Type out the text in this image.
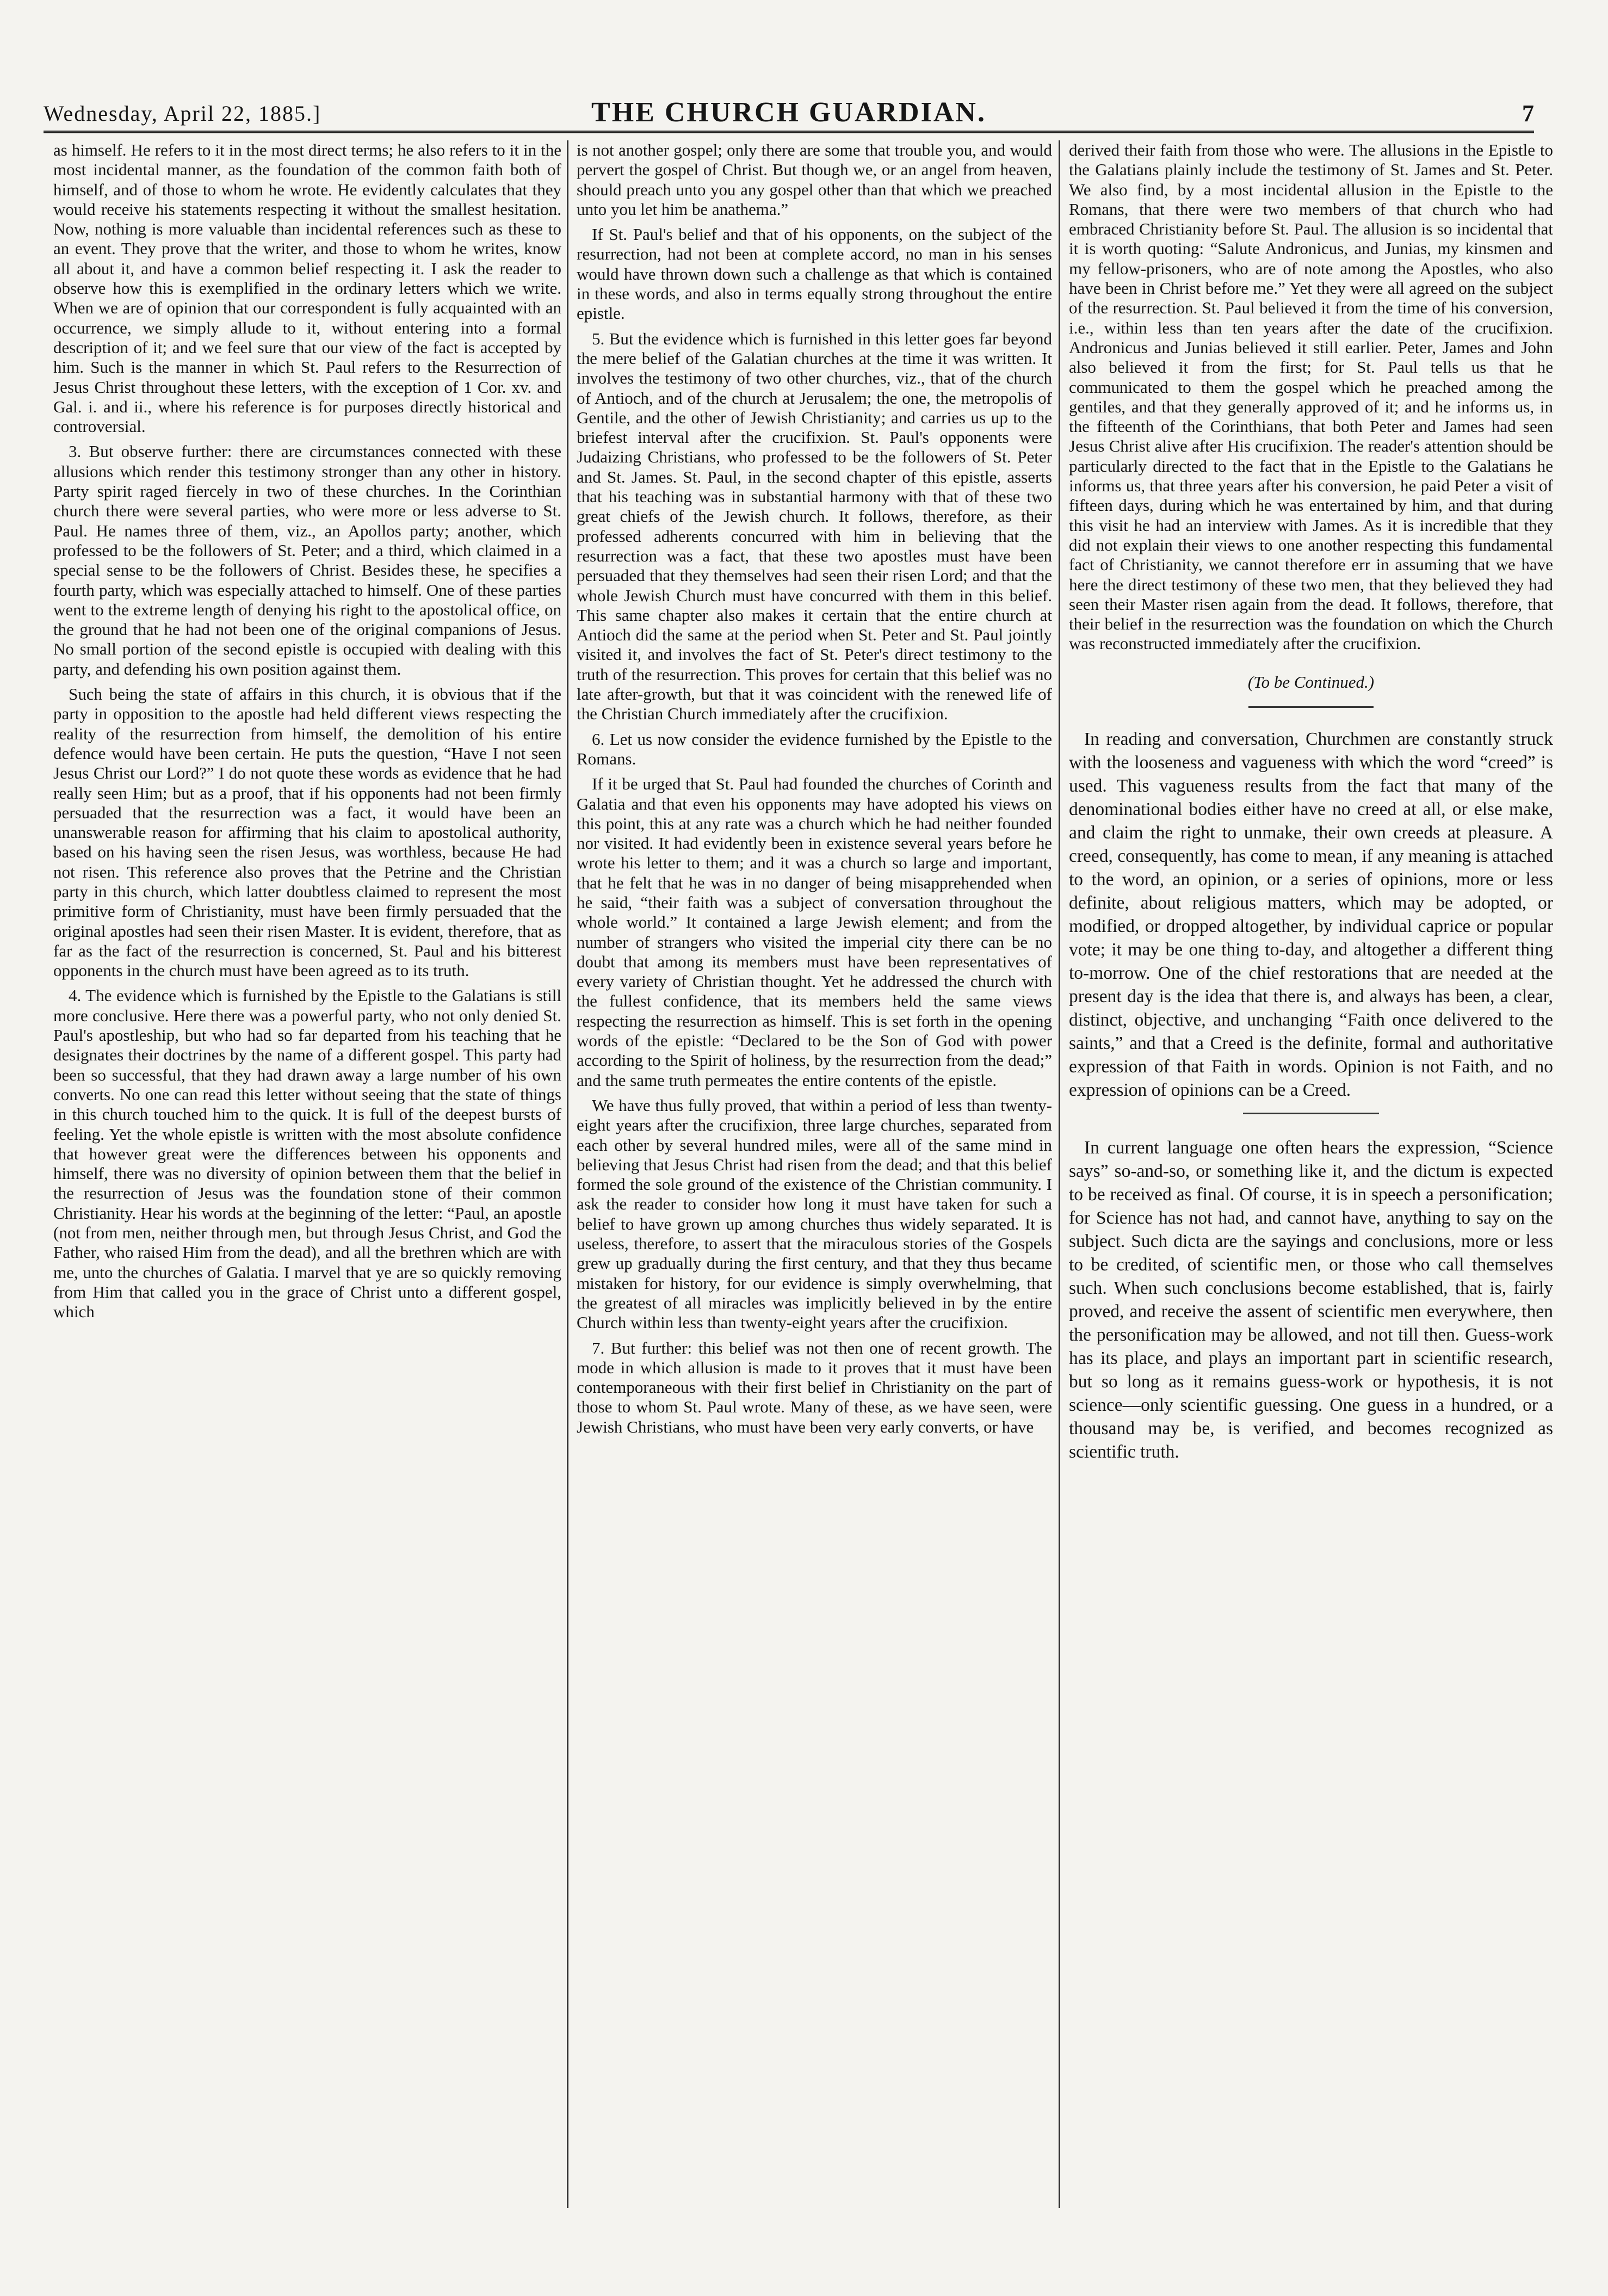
Wednesday, April 22, 1885.]	THE CHURCH GUARDIAN.	7

as himself. He refers to it in the most direct terms; he also refers to it in the most incidental manner, as the foundation of the common faith both of himself, and of those to whom he wrote. He evidently calculates that they would receive his statements respecting it without the smallest hesitation. Now, nothing is more valuable than incidental references such as these to an event. They prove that the writer, and those to whom he writes, know all about it, and have a common belief respecting it. I ask the reader to observe how this is exemplified in the ordinary letters which we write. When we are of opinion that our correspondent is fully acquainted with an occurrence, we simply allude to it, without entering into a formal description of it; and we feel sure that our view of the fact is accepted by him. Such is the manner in which St. Paul refers to the Resurrection of Jesus Christ throughout these letters, with the exception of 1 Cor. xv. and Gal. i. and ii., where his reference is for purposes directly historical and controversial.

3. But observe further: there are circumstances connected with these allusions which render this testimony stronger than any other in history. Party spirit raged fiercely in two of these churches. In the Corinthian church there were several parties, who were more or less adverse to St. Paul. He names three of them, viz., an Apollos party; another, which professed to be the followers of St. Peter; and a third, which claimed in a special sense to be the followers of Christ. Besides these, he specifies a fourth party, which was especially attached to himself. One of these parties went to the extreme length of denying his right to the apostolical office, on the ground that he had not been one of the original companions of Jesus. No small portion of the second epistle is occupied with dealing with this party, and defending his own position against them.

Such being the state of affairs in this church, it is obvious that if the party in opposition to the apostle had held different views respecting the reality of the resurrection from himself, the demolition of his entire defence would have been certain. He puts the question, “Have I not seen Jesus Christ our Lord?” I do not quote these words as evidence that he had really seen Him; but as a proof, that if his opponents had not been firmly persuaded that the resurrection was a fact, it would have been an unanswerable reason for affirming that his claim to apostolical authority, based on his having seen the risen Jesus, was worthless, because He had not risen. This reference also proves that the Petrine and the Christian party in this church, which latter doubtless claimed to represent the most primitive form of Christianity, must have been firmly persuaded that the original apostles had seen their risen Master. It is evident, therefore, that as far as the fact of the resurrection is concerned, St. Paul and his bitterest opponents in the church must have been agreed as to its truth.

4. The evidence which is furnished by the Epistle to the Galatians is still more conclusive. Here there was a powerful party, who not only denied St. Paul's apostleship, but who had so far departed from his teaching that he designates their doctrines by the name of a different gospel. This party had been so successful, that they had drawn away a large number of his own converts. No one can read this letter without seeing that the state of things in this church touched him to the quick. It is full of the deepest bursts of feeling. Yet the whole epistle is written with the most absolute confidence that however great were the differences between his opponents and himself, there was no diversity of opinion between them that the belief in the resurrection of Jesus was the foundation stone of their common Christianity. Hear his words at the beginning of the letter: “Paul, an apostle (not from men, neither through men, but through Jesus Christ, and God the Father, who raised Him from the dead), and all the brethren which are with me, unto the churches of Galatia. I marvel that ye are so quickly removing from Him that called you in the grace of Christ unto a different gospel, which

is not another gospel; only there are some that trouble you, and would pervert the gospel of Christ. But though we, or an angel from heaven, should preach unto you any gospel other than that which we preached unto you let him be anathema.”

If St. Paul's belief and that of his opponents, on the subject of the resurrection, had not been at complete accord, no man in his senses would have thrown down such a challenge as that which is contained in these words, and also in terms equally strong throughout the entire epistle.

5. But the evidence which is furnished in this letter goes far beyond the mere belief of the Galatian churches at the time it was written. It involves the testimony of two other churches, viz., that of the church of Antioch, and of the church at Jerusalem; the one, the metropolis of Gentile, and the other of Jewish Christianity; and carries us up to the briefest interval after the crucifixion. St. Paul's opponents were Judaizing Christians, who professed to be the followers of St. Peter and St. James. St. Paul, in the second chapter of this epistle, asserts that his teaching was in substantial harmony with that of these two great chiefs of the Jewish church. It follows, therefore, as their professed adherents concurred with him in believing that the resurrection was a fact, that these two apostles must have been persuaded that they themselves had seen their risen Lord; and that the whole Jewish Church must have concurred with them in this belief. This same chapter also makes it certain that the entire church at Antioch did the same at the period when St. Peter and St. Paul jointly visited it, and involves the fact of St. Peter's direct testimony to the truth of the resurrection. This proves for certain that this belief was no late after-growth, but that it was coincident with the renewed life of the Christian Church immediately after the crucifixion.

6. Let us now consider the evidence furnished by the Epistle to the Romans.

If it be urged that St. Paul had founded the churches of Corinth and Galatia and that even his opponents may have adopted his views on this point, this at any rate was a church which he had neither founded nor visited. It had evidently been in existence several years before he wrote his letter to them; and it was a church so large and important, that he felt that he was in no danger of being misapprehended when he said, “their faith was a subject of conversation throughout the whole world.” It contained a large Jewish element; and from the number of strangers who visited the imperial city there can be no doubt that among its members must have been representatives of every variety of Christian thought. Yet he addressed the church with the fullest confidence, that its members held the same views respecting the resurrection as himself. This is set forth in the opening words of the epistle: “Declared to be the Son of God with power according to the Spirit of holiness, by the resurrection from the dead;” and the same truth permeates the entire contents of the epistle.

We have thus fully proved, that within a period of less than twenty-eight years after the crucifixion, three large churches, separated from each other by several hundred miles, were all of the same mind in believing that Jesus Christ had risen from the dead; and that this belief formed the sole ground of the existence of the Christian community. I ask the reader to consider how long it must have taken for such a belief to have grown up among churches thus widely separated. It is useless, therefore, to assert that the miraculous stories of the Gospels grew up gradually during the first century, and that they thus became mistaken for history, for our evidence is simply overwhelming, that the greatest of all miracles was implicitly believed in by the entire Church within less than twenty-eight years after the crucifixion.

7. But further: this belief was not then one of recent growth. The mode in which allusion is made to it proves that it must have been contemporaneous with their first belief in Christianity on the part of those to whom St. Paul wrote. Many of these, as we have seen, were Jewish Christians, who must have been very early converts, or have

derived their faith from those who were. The allusions in the Epistle to the Galatians plainly include the testimony of St. James and St. Peter. We also find, by a most incidental allusion in the Epistle to the Romans, that there were two members of that church who had embraced Christianity before St. Paul. The allusion is so incidental that it is worth quoting: “Salute Andronicus, and Junias, my kinsmen and my fellow-prisoners, who are of note among the Apostles, who also have been in Christ before me.” Yet they were all agreed on the subject of the resurrection. St. Paul believed it from the time of his conversion, i.e., within less than ten years after the date of the crucifixion. Andronicus and Junias believed it still earlier. Peter, James and John also believed it from the first; for St. Paul tells us that he communicated to them the gospel which he preached among the gentiles, and that they generally approved of it; and he informs us, in the fifteenth of the Corinthians, that both Peter and James had seen Jesus Christ alive after His crucifixion. The reader's attention should be particularly directed to the fact that in the Epistle to the Galatians he informs us, that three years after his conversion, he paid Peter a visit of fifteen days, during which he was entertained by him, and that during this visit he had an interview with James. As it is incredible that they did not explain their views to one another respecting this fundamental fact of Christianity, we cannot therefore err in assuming that we have here the direct testimony of these two men, that they believed they had seen their Master risen again from the dead. It follows, therefore, that their belief in the resurrection was the foundation on which the Church was reconstructed immediately after the crucifixion.

(To be Continued.)

In reading and conversation, Churchmen are constantly struck with the looseness and vagueness with which the word “creed” is used. This vagueness results from the fact that many of the denominational bodies either have no creed at all, or else make, and claim the right to unmake, their own creeds at pleasure. A creed, consequently, has come to mean, if any meaning is attached to the word, an opinion, or a series of opinions, more or less definite, about religious matters, which may be adopted, or modified, or dropped altogether, by individual caprice or popular vote; it may be one thing to-day, and altogether a different thing to-morrow. One of the chief restorations that are needed at the present day is the idea that there is, and always has been, a clear, distinct, objective, and unchanging “Faith once delivered to the saints,” and that a Creed is the definite, formal and authoritative expression of that Faith in words. Opinion is not Faith, and no expression of opinions can be a Creed.

In current language one often hears the expression, “Science says” so-and-so, or something like it, and the dictum is expected to be received as final. Of course, it is in speech a personification; for Science has not had, and cannot have, anything to say on the subject. Such dicta are the sayings and conclusions, more or less to be credited, of scientific men, or those who call themselves such. When such conclusions become established, that is, fairly proved, and receive the assent of scientific men everywhere, then the personification may be allowed, and not till then. Guess-work has its place, and plays an important part in scientific research, but so long as it remains guess-work or hypothesis, it is not science—only scientific guessing. One guess in a hundred, or a thousand may be, is verified, and becomes recognized as scientific truth.
